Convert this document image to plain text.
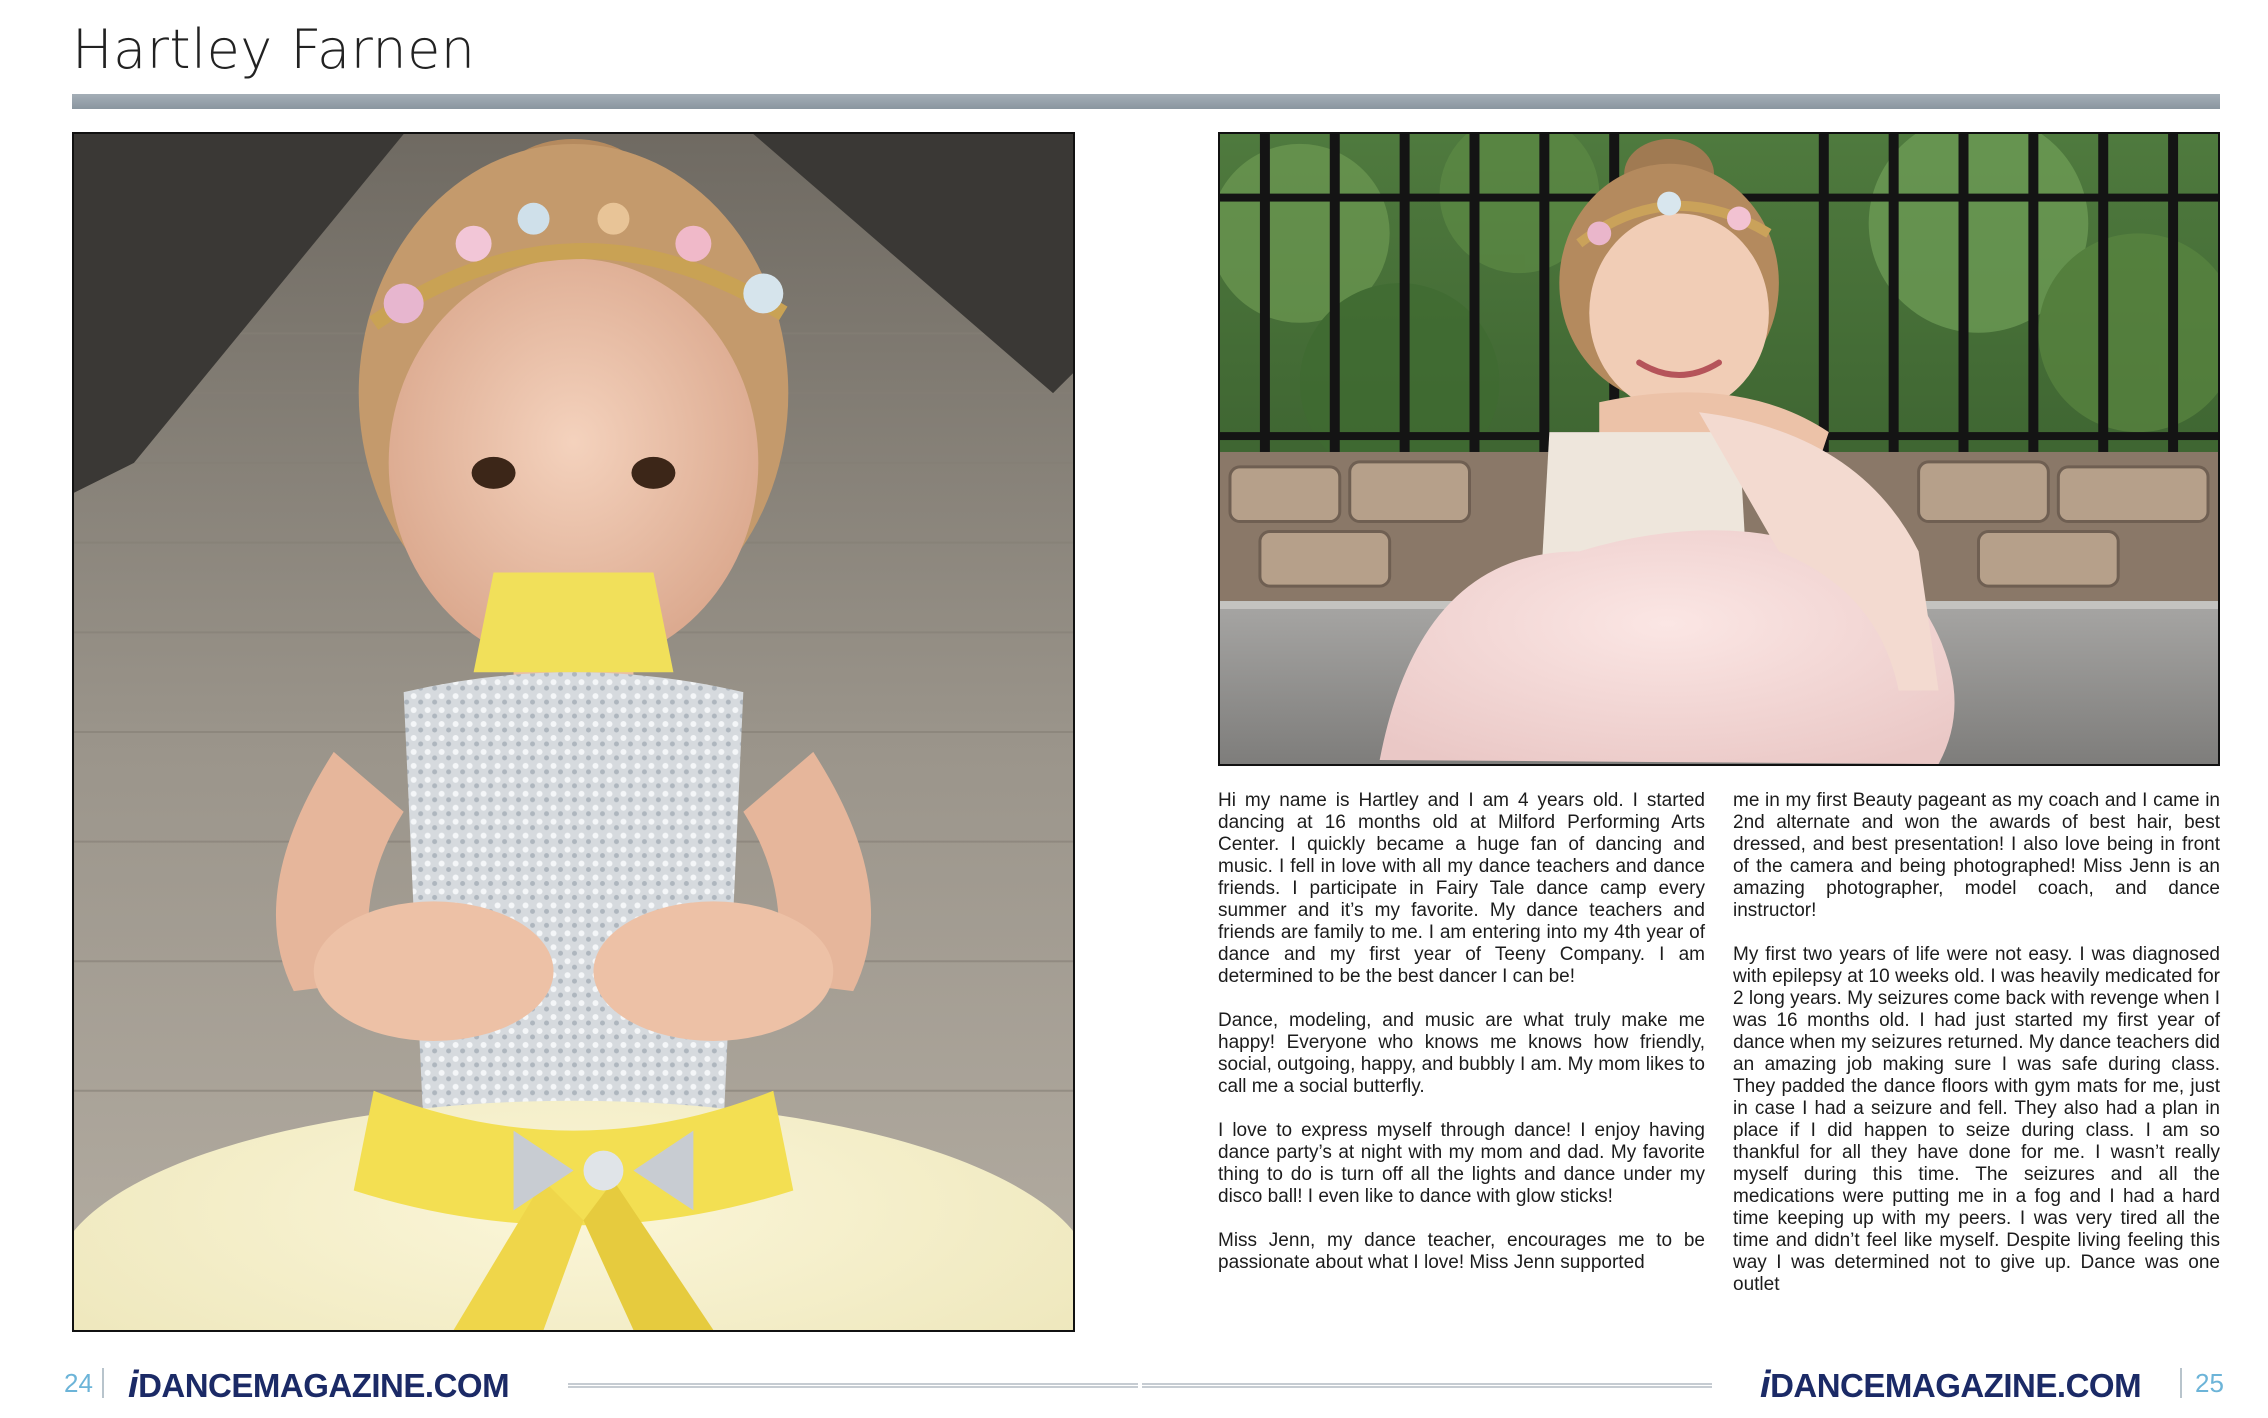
Hartley Farnen

Hi my name is Hartley and I am 4 years old. I started dancing at 16 months old at Milford Performing Arts Center. I quickly became a huge fan of dancing and music. I fell in love with all my dance teachers and dance friends. I participate in Fairy Tale dance camp every summer and it’s my favorite. My dance teachers and friends are family to me. I am entering into my 4th year of dance and my first year of Teeny Company. I am determined to be the best dancer I can be!

Dance, modeling, and music are what truly make me happy! Everyone who knows me knows how friendly, social, outgoing, happy, and bubbly I am. My mom likes to call me a social butterfly.

I love to express myself through dance! I enjoy having dance party’s at night with my mom and dad. My favorite thing to do is turn off all the lights and dance under my disco ball! I even like to dance with glow sticks!

Miss Jenn, my dance teacher, encourages me to be passionate about what I love! Miss Jenn supported

me in my first Beauty pageant as my coach and I came in 2nd alternate and won the awards of best hair, best dressed, and best presentation! I also love being in front of the camera and being photographed! Miss Jenn is an amazing photographer, model coach, and dance instructor!

My first two years of life were not easy. I was diagnosed with epilepsy at 10 weeks old. I was heavily medicated for 2 long years. My seizures come back with revenge when I was 16 months old. I had just started my first year of dance when my seizures returned. My dance teachers did an amazing job making sure I was safe during class. They padded the dance floors with gym mats for me, just in case I had a seizure and fell. They also had a plan in place if I did happen to seize during class. I am so thankful for all they have done for me. I wasn’t really myself during this time. The seizures and all the medications were putting me in a fog and I had a hard time keeping up with my peers. I was very tired all the time and didn’t feel like myself. Despite living feeling this way I was determined not to give up. Dance was one outlet

24 iDANCEMAGAZINE.COM	iDANCEMAGAZINE.COM 25
